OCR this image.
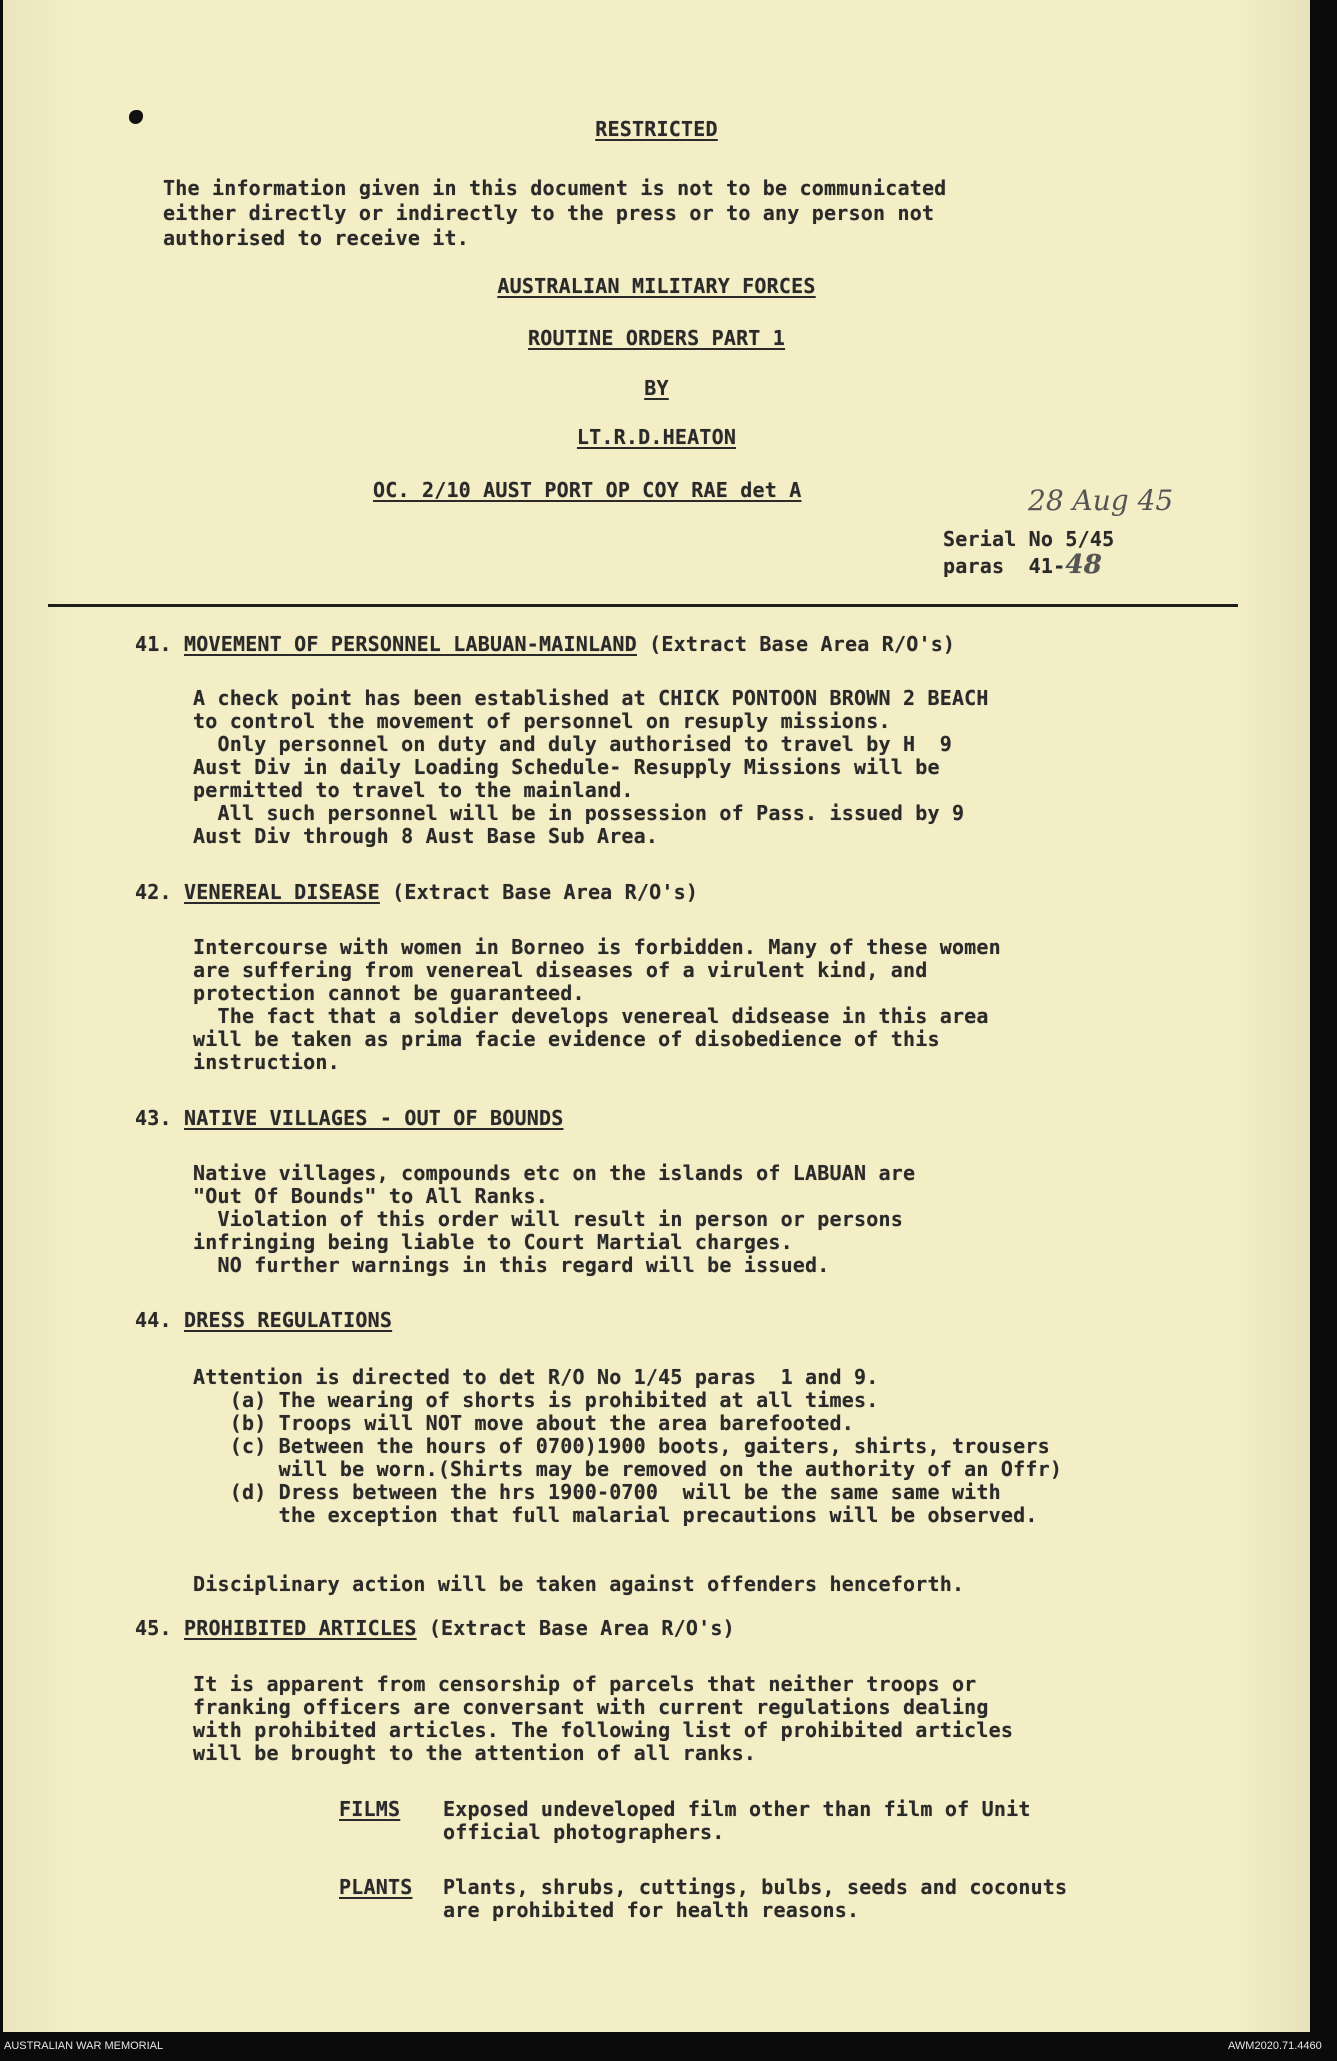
RESTRICTED

The information given in this document is not to be communicated

either directly or indirectly to the press or to any person not

authorised to receive it.

AUSTRALIAN MILITARY FORCES

ROUTINE ORDERS PART 1

BY

LT.R.D.HEATON

OC. 2/10 AUST PORT OP COY RAE det A	28 Aug 45

Serial No 5/45

paras  41-48

41. MOVEMENT OF PERSONNEL LABUAN-MAINLAND (Extract Base Area R/O's)

A check point has been established at CHICK PONTOON BROWN 2 BEACH

to control the movement of personnel on resuply missions.

Only personnel on duty and duly authorised to travel by H  9

Aust Div in daily Loading Schedule- Resupply Missions will be

permitted to travel to the mainland.

All such personnel will be in possession of Pass. issued by 9

Aust Div through 8 Aust Base Sub Area.

42. VENEREAL DISEASE (Extract Base Area R/O's)

Intercourse with women in Borneo is forbidden. Many of these women

are suffering from venereal diseases of a virulent kind, and

protection cannot be guaranteed.

The fact that a soldier develops venereal didsease in this area

will be taken as prima facie evidence of disobedience of this

instruction.

43. NATIVE VILLAGES - OUT OF BOUNDS

Native villages, compounds etc on the islands of LABUAN are

"Out Of Bounds" to All Ranks.

Violation of this order will result in person or persons

infringing being liable to Court Martial charges.

NO further warnings in this regard will be issued.

44. DRESS REGULATIONS

Attention is directed to det R/O No 1/45 paras  1 and 9.

(a) The wearing of shorts is prohibited at all times.

(b) Troops will NOT move about the area barefooted.

(c) Between the hours of 0700)1900 boots, gaiters, shirts, trousers

will be worn.(Shirts may be removed on the authority of an Offr)

(d) Dress between the hrs 1900-0700  will be the same same with

the exception that full malarial precautions will be observed.

Disciplinary action will be taken against offenders henceforth.

45. PROHIBITED ARTICLES (Extract Base Area R/O's)

It is apparent from censorship of parcels that neither troops or

franking officers are conversant with current regulations dealing

with prohibited articles. The following list of prohibited articles

will be brought to the attention of all ranks.

FILMS Exposed undeveloped film other than film of Unit

official photographers.

PLANTS Plants, shrubs, cuttings, bulbs, seeds and coconuts

are prohibited for health reasons.

AUSTRALIAN WAR MEMORIAL	AWM2020.71.4460
